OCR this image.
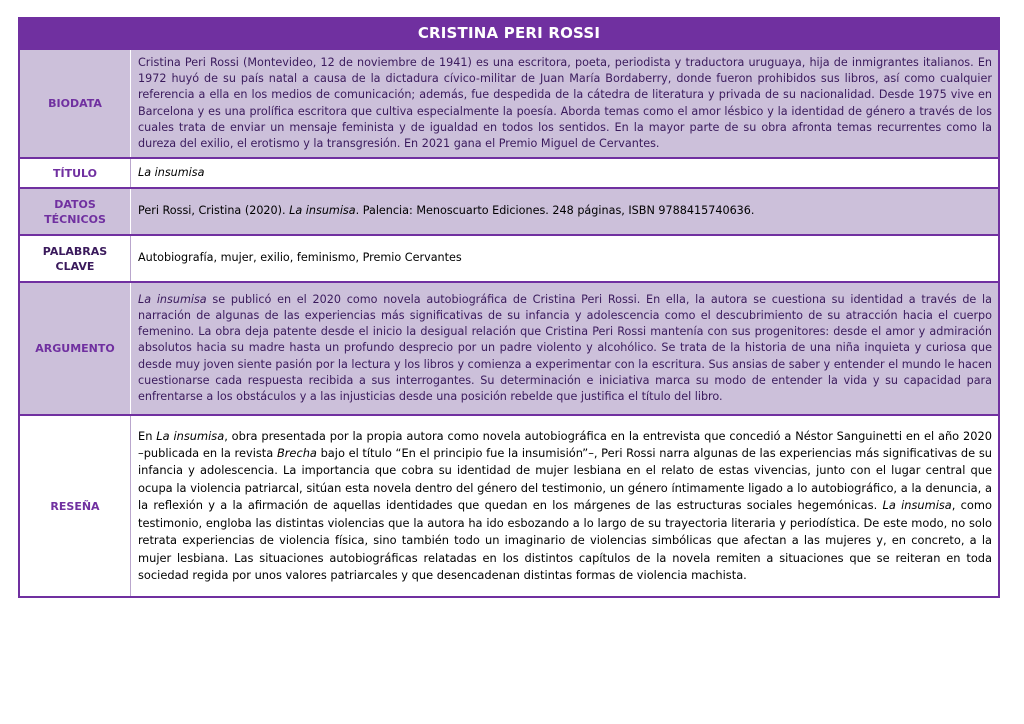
CRISTINA PERI ROSSI
BIODATA

Cristina Peri Rossi (Montevideo, 12 de noviembre de 1941) es una escritora, poeta, periodista y traductora uruguaya, hija de inmigrantes italianos. En 1972 huyó de su país natal a causa de la dictadura cívico-militar de Juan María Bordaberry, donde fueron prohibidos sus libros, así como cualquier referencia a ella en los medios de comunicación; además, fue despedida de la cátedra de literatura y privada de su nacionalidad. Desde 1975 vive en Barcelona y es una prolífica escritora que cultiva especialmente la poesía. Aborda temas como el amor lésbico y la identidad de género a través de los cuales trata de enviar un mensaje feminista y de igualdad en todos los sentidos. En la mayor parte de su obra afronta temas recurrentes como la dureza del exilio, el erotismo y la transgresión. En 2021 gana el Premio Miguel de Cervantes.

TÍTULO	La insumisa

DATOS TÉCNICOS

Peri Rossi, Cristina (2020). La insumisa. Palencia: Menoscuarto Ediciones. 248 páginas, ISBN 9788415740636.

PALABRAS CLAVE

Autobiografía, mujer, exilio, feminismo, Premio Cervantes

ARGUMENTO

La insumisa se publicó en el 2020 como novela autobiográfica de Cristina Peri Rossi. En ella, la autora se cuestiona su identidad a través de la narración de algunas de las experiencias más significativas de su infancia y adolescencia como el descubrimiento de su atracción hacia el cuerpo femenino. La obra deja patente desde el inicio la desigual relación que Cristina Peri Rossi mantenía con sus progenitores: desde el amor y admiración absolutos hacia su madre hasta un profundo desprecio por un padre violento y alcohólico. Se trata de la historia de una niña inquieta y curiosa que desde muy joven siente pasión por la lectura y los libros y comienza a experimentar con la escritura. Sus ansias de saber y entender el mundo le hacen cuestionarse cada respuesta recibida a sus interrogantes. Su determinación e iniciativa marca su modo de entender la vida y su capacidad para enfrentarse a los obstáculos y a las injusticias desde una posición rebelde que justifica el título del libro.

RESEÑA

En La insumisa, obra presentada por la propia autora como novela autobiográfica en la entrevista que concedió a Néstor Sanguinetti en el año 2020 –publicada en la revista Brecha bajo el título “En el principio fue la insumisión”–, Peri Rossi narra algunas de las experiencias más significativas de su infancia y adolescencia. La importancia que cobra su identidad de mujer lesbiana en el relato de estas vivencias, junto con el lugar central que ocupa la violencia patriarcal, sitúan esta novela dentro del género del testimonio, un género íntimamente ligado a lo autobiográfico, a la denuncia, a la reflexión y a la afirmación de aquellas identidades que quedan en los márgenes de las estructuras sociales hegemónicas. La insumisa, como testimonio, engloba las distintas violencias que la autora ha ido esbozando a lo largo de su trayectoria literaria y periodística. De este modo, no solo retrata experiencias de violencia física, sino también todo un imaginario de violencias simbólicas que afectan a las mujeres y, en concreto, a la mujer lesbiana. Las situaciones autobiográficas relatadas en los distintos capítulos de la novela remiten a situaciones que se reiteran en toda sociedad regida por unos valores patriarcales y que desencadenan distintas formas de violencia machista.
